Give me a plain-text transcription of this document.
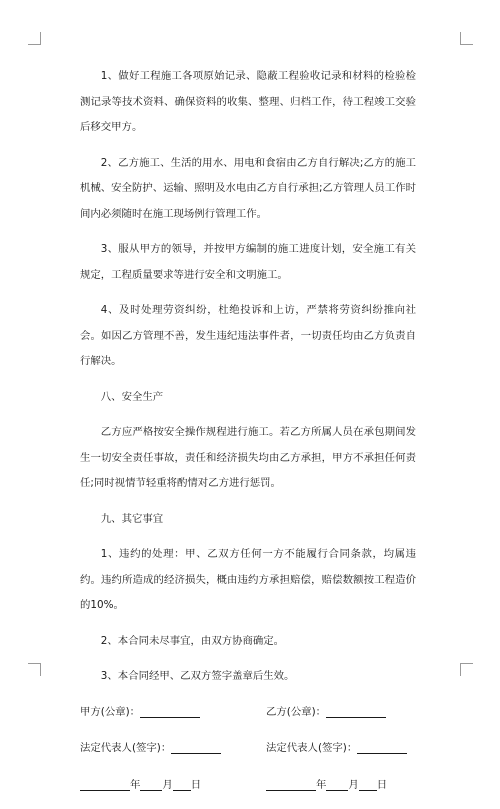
1、做好工程施工各项原始记录、隐蔽工程验收记录和材料的检验检测记录等技术资料、确保资料的收集、整理、归档工作，待工程竣工交验后移交甲方。

2、乙方施工、生活的用水、用电和食宿由乙方自行解决;乙方的施工机械、安全防护、运输、照明及水电由乙方自行承担;乙方管理人员工作时间内必须随时在施工现场例行管理工作。

3、服从甲方的领导，并按甲方编制的施工进度计划，安全施工有关规定，工程质量要求等进行安全和文明施工。

4、及时处理劳资纠纷，杜绝投诉和上访，严禁将劳资纠纷推向社会。如因乙方管理不善，发生违纪违法事件者，一切责任均由乙方负责自行解决。

八、安全生产

乙方应严格按安全操作规程进行施工。若乙方所属人员在承包期间发生一切安全责任事故，责任和经济损失均由乙方承担，甲方不承担任何责任;同时视情节轻重将酌情对乙方进行惩罚。

九、其它事宜

1、违约的处理：甲、乙双方任何一方不能履行合同条款，均属违约。违约所造成的经济损失，概由违约方承担赔偿，赔偿数额按工程造价的10%。

2、本合同未尽事宜，由双方协商确定。

3、本合同经甲、乙双方签字盖章后生效。

甲方(公章)：	乙方(公章)：
法定代表人(签字)：	法定代表人(签字)：
年 月 日	年 月 日
